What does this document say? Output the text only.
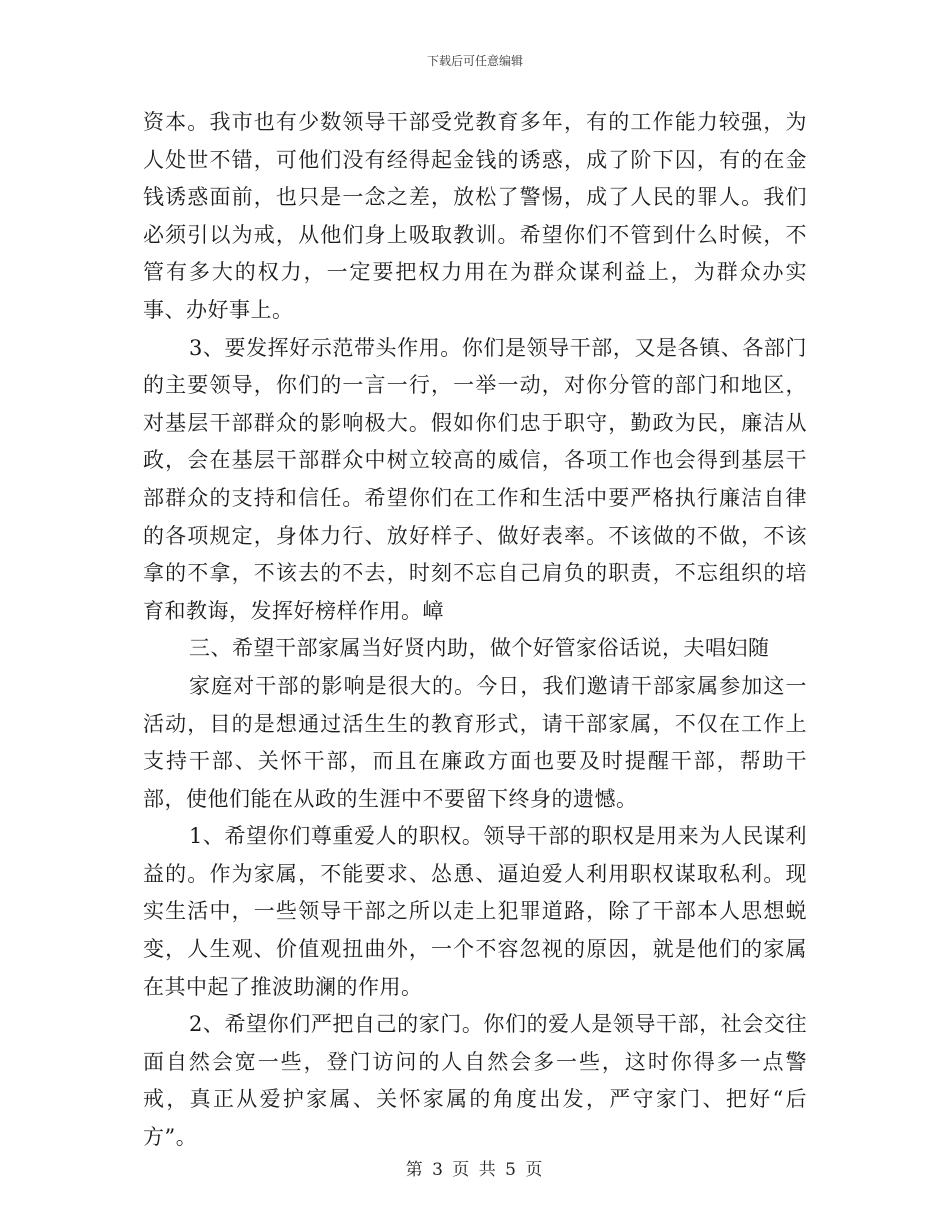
下载后可任意编辑

资本。我市也有少数领导干部受党教育多年，有的工作能力较强，为人处世不错，可他们没有经得起金钱的诱惑，成了阶下囚，有的在金钱诱惑面前，也只是一念之差，放松了警惕，成了人民的罪人。我们必须引以为戒，从他们身上吸取教训。希望你们不管到什么时候，不管有多大的权力，一定要把权力用在为群众谋利益上，为群众办实事、办好事上。

3、要发挥好示范带头作用。你们是领导干部，又是各镇、各部门的主要领导，你们的一言一行，一举一动，对你分管的部门和地区，对基层干部群众的影响极大。假如你们忠于职守，勤政为民，廉洁从政，会在基层干部群众中树立较高的威信，各项工作也会得到基层干部群众的支持和信任。希望你们在工作和生活中要严格执行廉洁自律的各项规定，身体力行、放好样子、做好表率。不该做的不做，不该拿的不拿，不该去的不去，时刻不忘自己肩负的职责，不忘组织的培育和教诲，发挥好榜样作用。嶂

三、希望干部家属当好贤内助，做个好管家俗话说，夫唱妇随

家庭对干部的影响是很大的。今日，我们邀请干部家属参加这一活动，目的是想通过活生生的教育形式，请干部家属，不仅在工作上支持干部、关怀干部，而且在廉政方面也要及时提醒干部，帮助干部，使他们能在从政的生涯中不要留下终身的遗憾。

1、希望你们尊重爱人的职权。领导干部的职权是用来为人民谋利益的。作为家属，不能要求、怂恿、逼迫爱人利用职权谋取私利。现实生活中，一些领导干部之所以走上犯罪道路，除了干部本人思想蜕变，人生观、价值观扭曲外，一个不容忽视的原因，就是他们的家属在其中起了推波助澜的作用。

2、希望你们严把自己的家门。你们的爱人是领导干部，社会交往面自然会宽一些，登门访问的人自然会多一些，这时你得多一点警戒，真正从爱护家属、关怀家属的角度出发，严守家门、把好“后方”。

第 3 页 共 5 页
